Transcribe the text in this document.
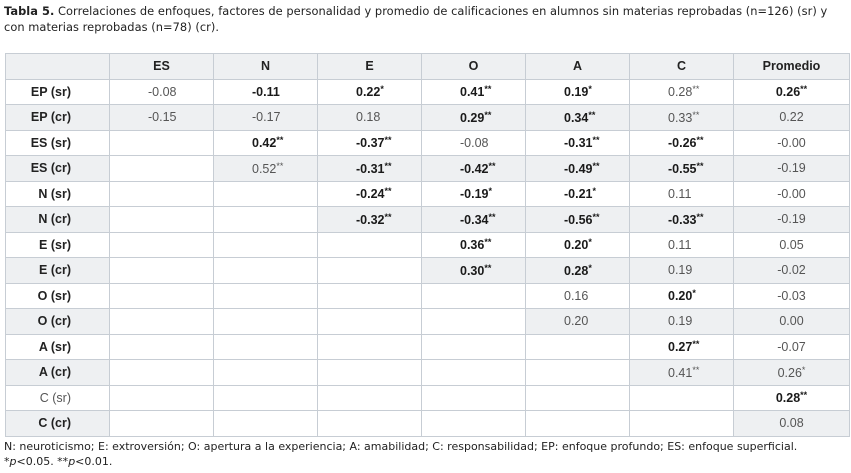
Tabla 5. Correlaciones de enfoques, factores de personalidad y promedio de calificaciones en alumnos sin materias reprobadas (n=126) (sr) y con materias reprobadas (n=78) (cr).
	ES	N	E	O	A	C	Promedio
EP (sr)	-0.08	-0.11	0.22*	0.41**	0.19*	0.28**	0.26**
EP (cr)	-0.15	-0.17	0.18	0.29**	0.34**	0.33**	0.22
ES (sr)		0.42**	-0.37**	-0.08	-0.31**	-0.26**	-0.00
ES (cr)		0.52**	-0.31**	-0.42**	-0.49**	-0.55**	-0.19
N (sr)			-0.24**	-0.19*	-0.21*	0.11	-0.00
N (cr)			-0.32**	-0.34**	-0.56**	-0.33**	-0.19
E (sr)				0.36**	0.20*	0.11	0.05
E (cr)				0.30**	0.28*	0.19	-0.02
O (sr)					0.16	0.20*	-0.03
O (cr)					0.20	0.19	0.00
A (sr)						0.27**	-0.07
A (cr)						0.41**	0.26*
C (sr)							0.28**
C (cr)							0.08
N: neuroticismo; E: extroversión; O: apertura a la experiencia; A: amabilidad; C: responsabilidad; EP: enfoque profundo; ES: enfoque superficial.
*p<0.05. **p<0.01.
